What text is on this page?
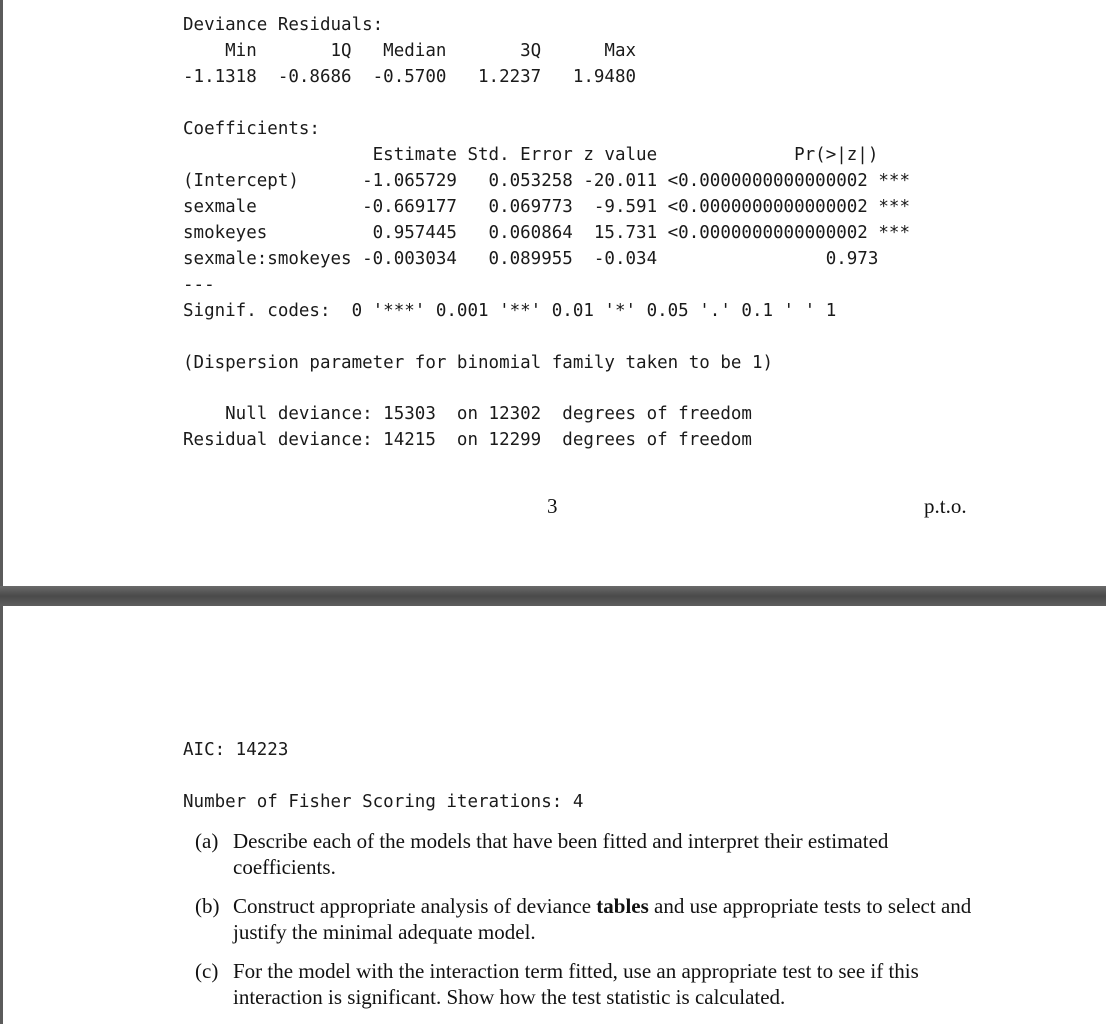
Deviance Residuals:
Min       1Q   Median       3Q      Max
-1.1318  -0.8686  -0.5700   1.2237   1.9480
Coefficients:
Estimate Std. Error z value             Pr(>|z|)
(Intercept)      -1.065729   0.053258 -20.011 <0.0000000000000002 ***
sexmale          -0.669177   0.069773  -9.591 <0.0000000000000002 ***
smokeyes          0.957445   0.060864  15.731 <0.0000000000000002 ***
sexmale:smokeyes -0.003034   0.089955  -0.034                0.973
---
Signif. codes:  0 '***' 0.001 '**' 0.01 '*' 0.05 '.' 0.1 ' ' 1
(Dispersion parameter for binomial family taken to be 1)
Null deviance: 15303  on 12302  degrees of freedom
Residual deviance: 14215  on 12299  degrees of freedom
3	p.t.o.
AIC: 14223
Number of Fisher Scoring iterations: 4
(a) Describe each of the models that have been fitted and interpret their estimated coefficients.
(b) Construct appropriate analysis of deviance tables and use appropriate tests to select and justify the minimal adequate model.
(c) For the model with the interaction term fitted, use an appropriate test to see if this interaction is significant. Show how the test statistic is calculated.
